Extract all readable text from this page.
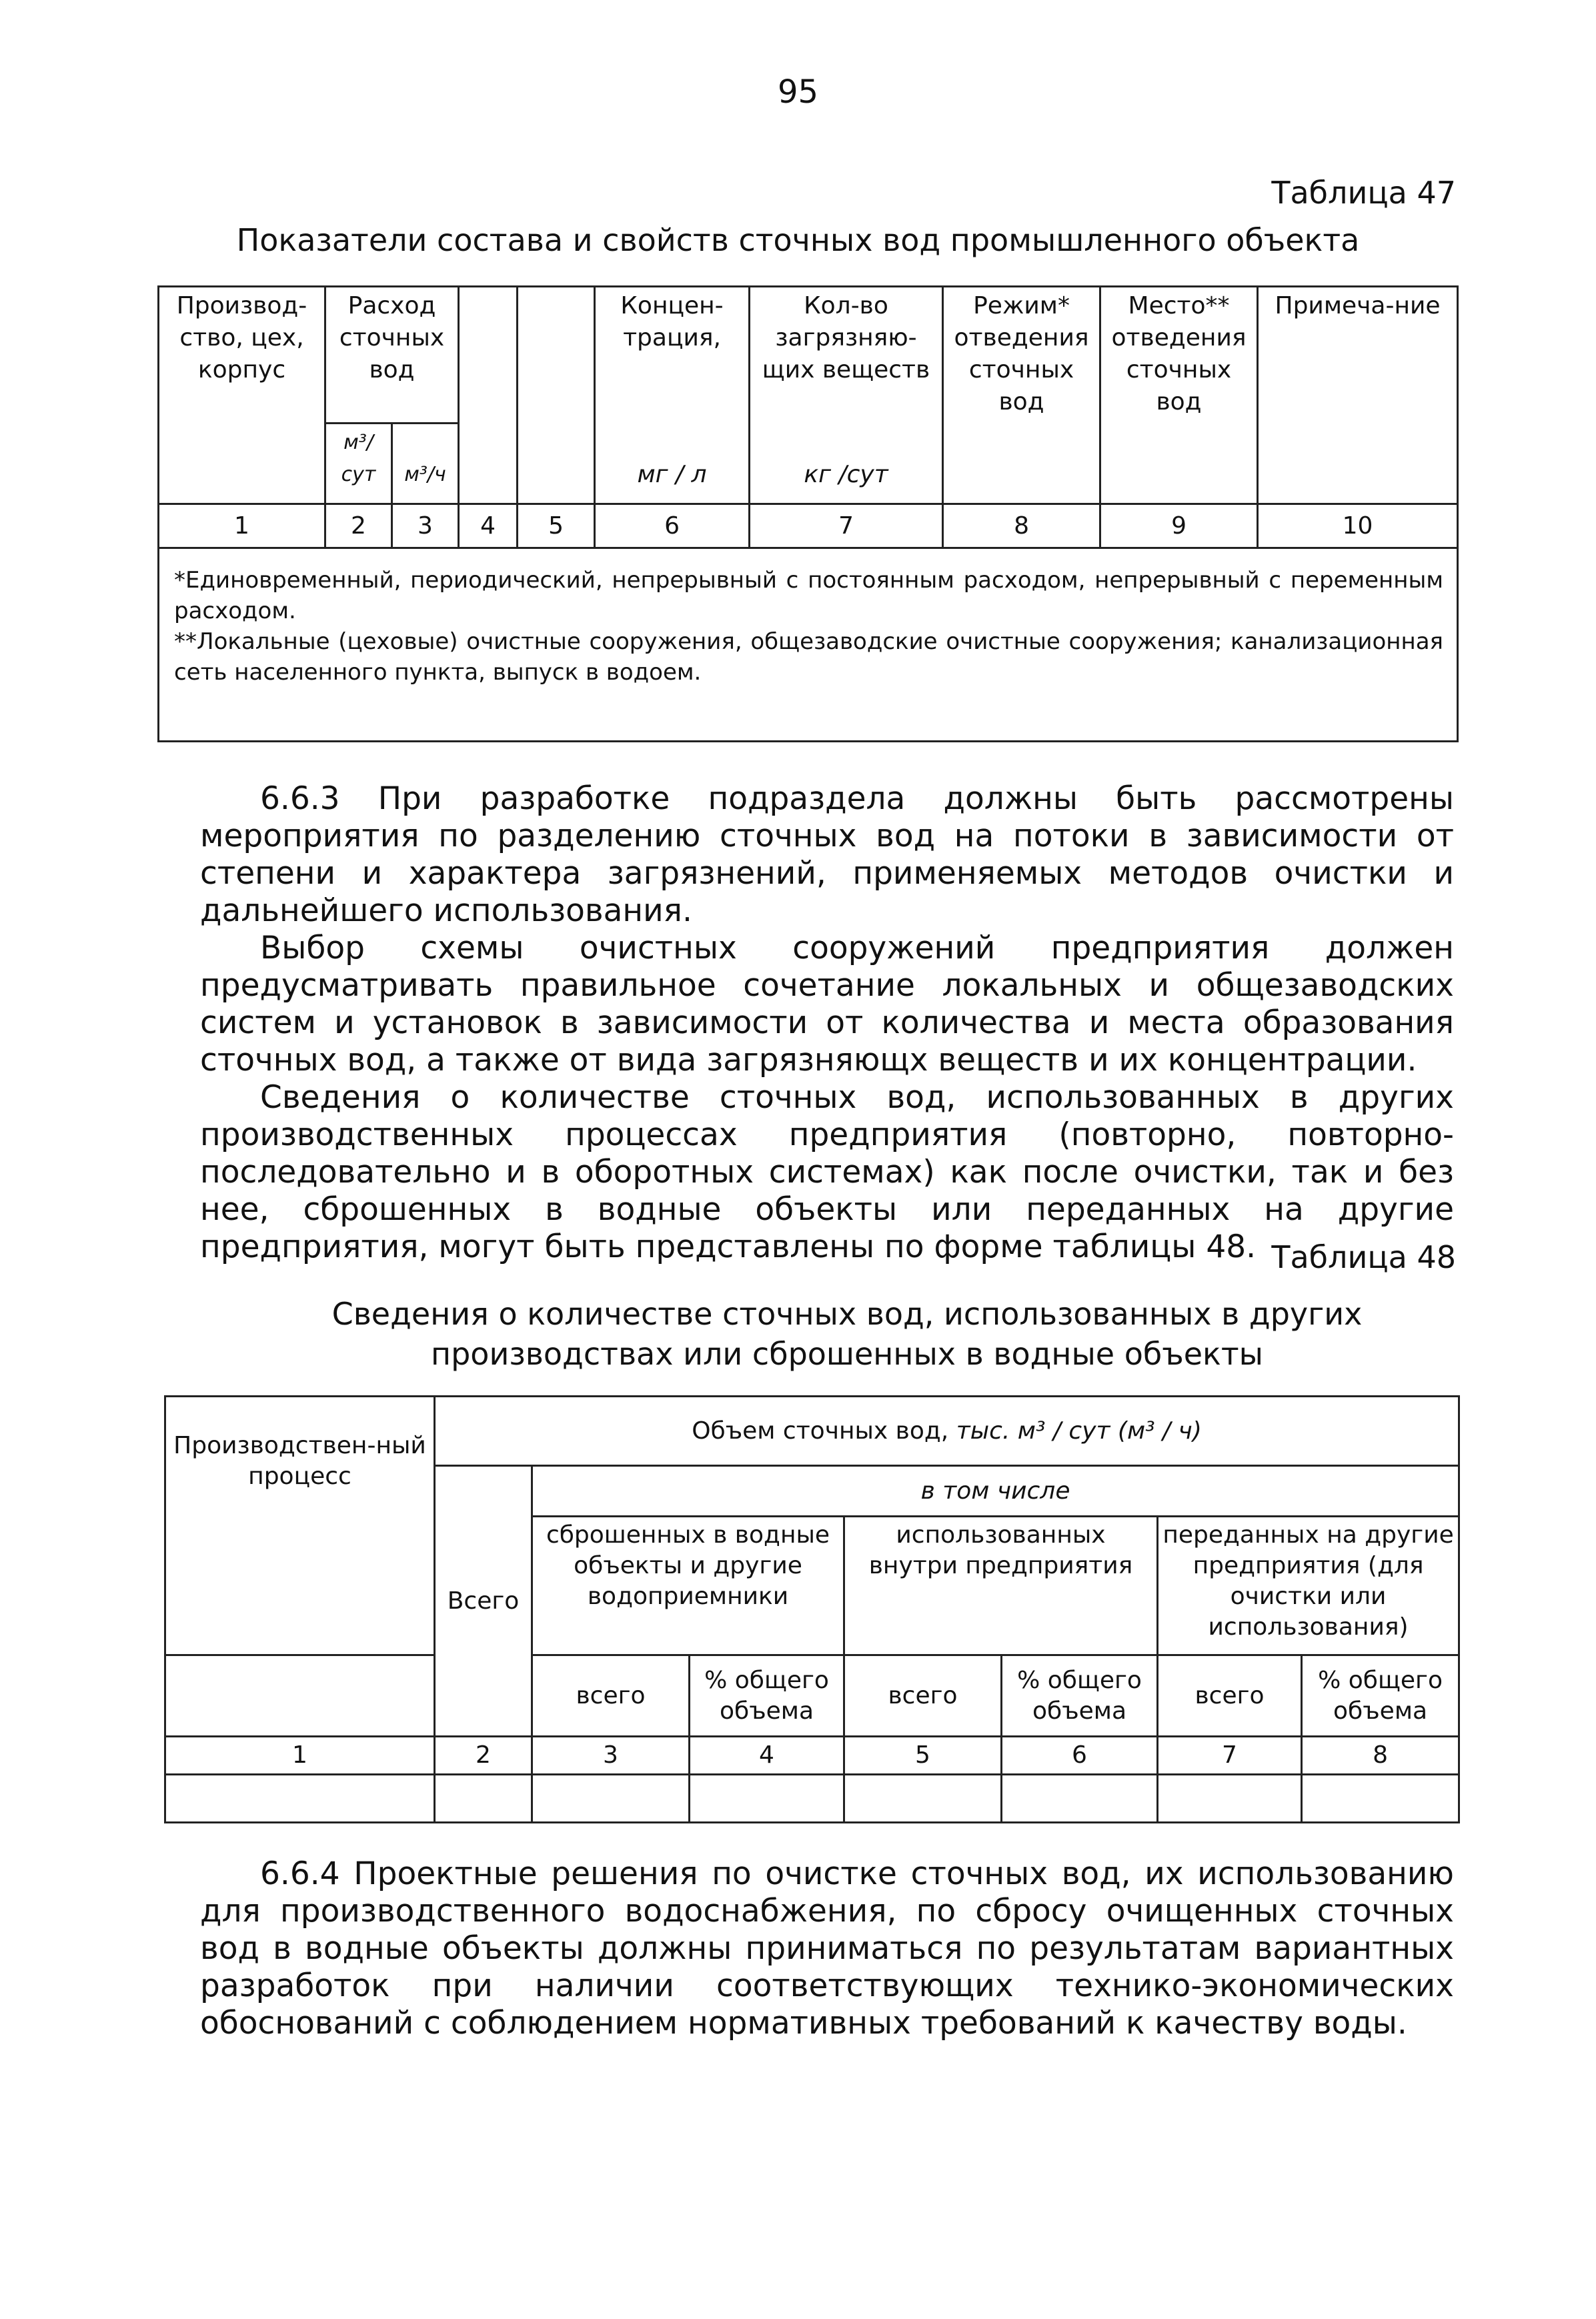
95
Таблица 47
Показатели состава и свойств сточных вод промышленного объекта
Производ-ство, цех, корпус	Расход сточных вод				Концен-трация,	Кол-во загрязняю-щих веществ	Режим* отведения сточных вод	Место** отведения сточных вод	Примеча-ние
	м³/сут	м³/ч			мг / л	кг /сут			
1	2	3	4	5	6	7	8	9	10

*Единовременный, периодический, непрерывный с постоянным расходом, непрерывный с переменным расходом.

**Локальные (цеховые) очистные сооружения, общезаводские очистные сооружения; канализационная сеть населенного пункта, выпуск в водоем.									

6.6.3 При разработке подраздела должны быть рассмотрены мероприятия по разделению сточных вод на потоки в зависимости от степени и характера загрязнений, применяемых методов очистки и дальнейшего использования.

Выбор схемы очистных сооружений предприятия должен предусматривать правильное сочетание локальных и общезаводских систем и установок в зависимости от количества и места образования сточных вод, а также от вида загрязняющх веществ и их концентрации.

Сведения о количестве сточных вод, использованных в других производственных процессах предприятия (повторно, повторно-последовательно и в оборотных системах) как после очистки, так и без нее, сброшенных в водные объекты или переданных на другие предприятия, могут быть представлены по форме таблицы 48. Таблица 48
Сведения о количестве сточных вод, использованных в других производствах или сброшенных в водные объекты
Производствен-ный процесс	Объем сточных вод, тыс. м³ / сут (м³ / ч)						
	Всего	в том числе					
		сброшенных в водные объекты и другие водоприемники		использованных внутри предприятия		переданных на другие предприятия (для очистки или использования)	
		всего	% общего объема	всего	% общего объема	всего	% общего объема
1	2	3	4	5	6	7	8

6.6.4 Проектные решения по очистке сточных вод, их использованию для производственного водоснабжения, по сбросу очищенных сточных вод в водные объекты должны приниматься по результатам вариантных разработок при наличии соответствующих технико-экономических обоснований с соблюдением нормативных требований к качеству воды.
